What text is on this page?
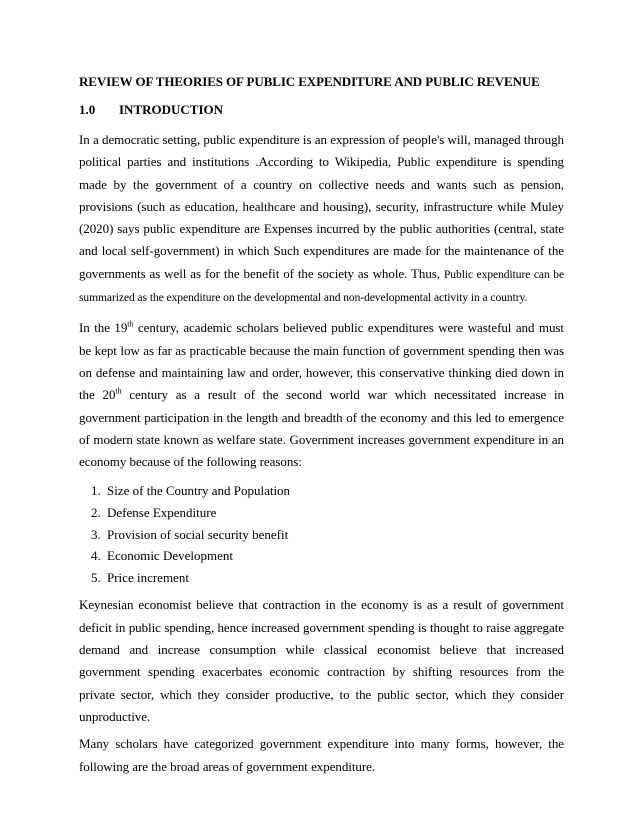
REVIEW OF THEORIES OF PUBLIC EXPENDITURE AND PUBLIC REVENUE
1.0	INTRODUCTION

In a democratic setting, public expenditure is an expression of people's will, managed through political parties and institutions .According to Wikipedia, Public expenditure is spending made by the government of a country on collective needs and wants such as pension, provisions (such as education, healthcare and housing), security, infrastructure while Muley (2020) says public expenditure are Expenses incurred by the public authorities (central, state and local self-government) in which Such expenditures are made for the maintenance of the governments as well as for the benefit of the society as whole. Thus, Public expenditure can be summarized as the expenditure on the developmental and non-developmental activity in a country.

In the 19th century, academic scholars believed public expenditures were wasteful and must be kept low as far as practicable because the main function of government spending then was on defense and maintaining law and order, however, this conservative thinking died down in the 20th century as a result of the second world war which necessitated increase in government participation in the length and breadth of the economy and this led to emergence of modern state known as welfare state. Government increases government expenditure in an economy because of the following reasons:

1. Size of the Country and Population
2. Defense Expenditure
3. Provision of social security benefit
4. Economic Development
5. Price increment

Keynesian economist believe that contraction in the economy is as a result of government deficit in public spending, hence increased government spending is thought to raise aggregate demand and increase consumption while classical economist believe that increased government spending exacerbates economic contraction by shifting resources from the private sector, which they consider productive, to the public sector, which they consider unproductive.

Many scholars have categorized government expenditure into many forms, however, the following are the broad areas of government expenditure.
